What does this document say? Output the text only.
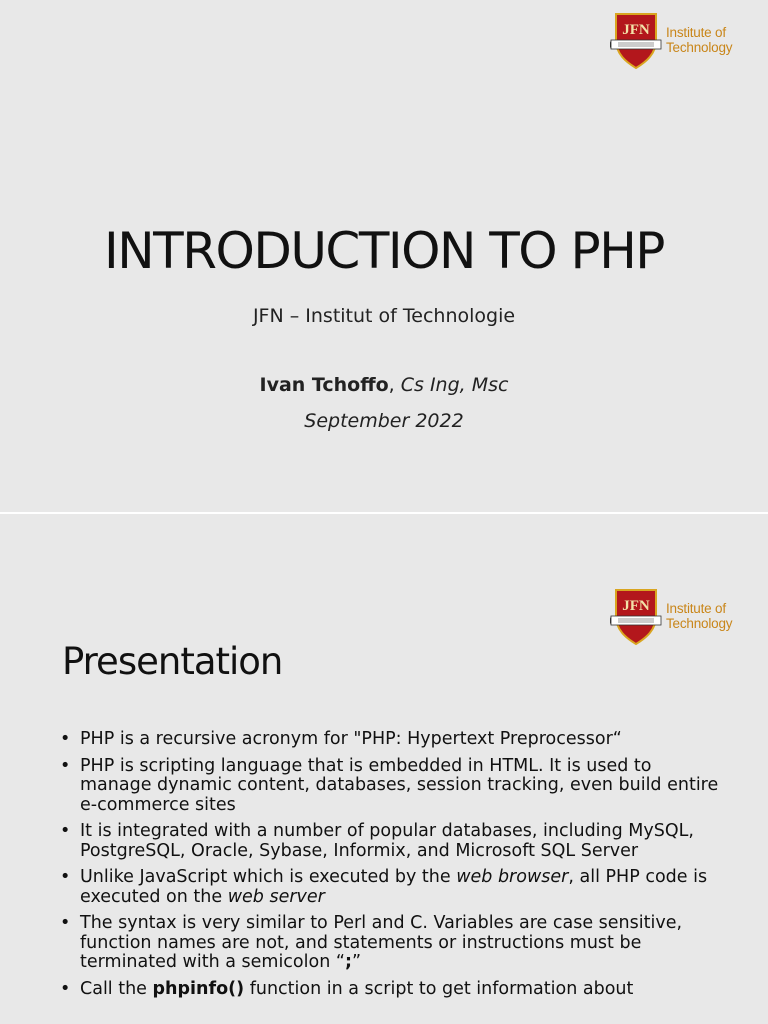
JFN Institute of
Technology
INTRODUCTION TO PHP
JFN – Institut of Technologie
Ivan Tchoffo, Cs Ing, Msc
September 2022
JFN Institute of
Technology
Presentation
• PHP is a recursive acronym for "PHP: Hypertext Preprocessor“
• PHP is scripting language that is embedded in HTML. It is used to manage dynamic content, databases, session tracking, even build entire e-commerce sites
• It is integrated with a number of popular databases, including MySQL, PostgreSQL, Oracle, Sybase, Informix, and Microsoft SQL Server
• Unlike JavaScript which is executed by the web browser, all PHP code is executed on the web server
• The syntax is very similar to Perl and C. Variables are case sensitive, function names are not, and statements or instructions must be terminated with a semicolon “;”
• Call the phpinfo() function in a script to get information about
